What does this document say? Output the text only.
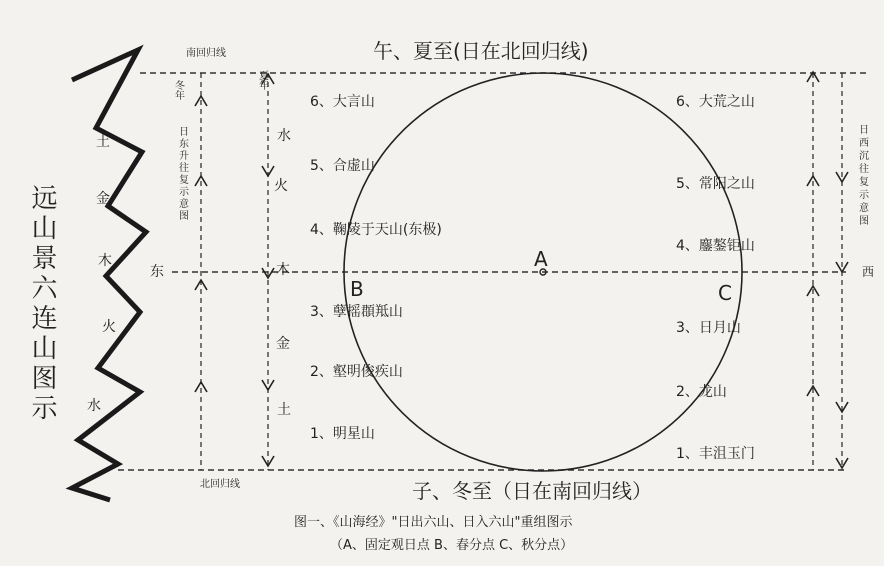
土
金
木
火
水
远山景六连山图示	东	西
南回归线
北回归线
冬年	夏年
日东升往复示意图	日西沉往复示意图
水
火
木
金
土
午、夏至(日在北回归线)
子、冬至（日在南回归线）
A
B	C
6、大言山
5、合虚山
4、鞠陵于天山(东极)
3、孽摇頵羝山
2、壑明俊疾山
1、明星山
6、大荒之山
5、常阳之山
4、鏖鏊钜山
3、日月山
2、龙山
1、丰沮玉门
图一、《山海经》"日出六山、日入六山"重组图示
（A、固定观日点 B、春分点 C、秋分点）
